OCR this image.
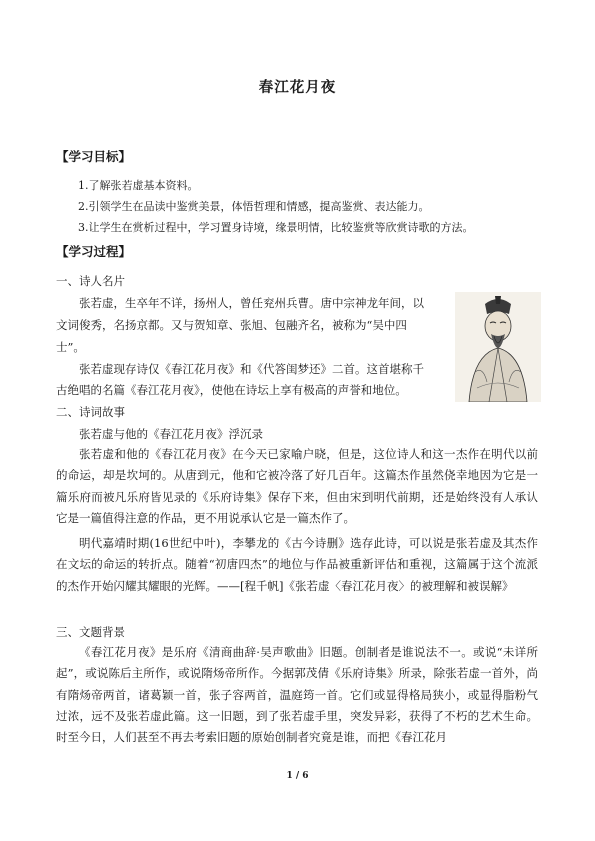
春江花月夜
【学习目标】
1.了解张若虚基本资料。
2.引领学生在品读中鉴赏美景，体悟哲理和情感，提高鉴赏、表达能力。
3.让学生在赏析过程中，学习置身诗境，缘景明情，比较鉴赏等欣赏诗歌的方法。
【学习过程】
一、诗人名片
张若虚，生卒年不详，扬州人，曾任兖州兵曹。唐中宗神龙年间，以
文词俊秀，名扬京都。又与贺知章、张旭、包融齐名，被称为“吴中四
士”。
张若虚现存诗仅《春江花月夜》和《代答闺梦还》二首。这首堪称千
古绝唱的名篇《春江花月夜》，使他在诗坛上享有极高的声誉和地位。
二、诗词故事
张若虚与他的《春江花月夜》浮沉录
张若虚和他的《春江花月夜》在今天已家喻户晓，但是，这位诗人和这一杰作在明代以前的命运，却是坎坷的。从唐到元，他和它被冷落了好几百年。这篇杰作虽然侥幸地因为它是一篇乐府而被凡乐府皆见录的《乐府诗集》保存下来，但由宋到明代前期，还是始终没有人承认它是一篇值得注意的作品，更不用说承认它是一篇杰作了。
明代嘉靖时期(16世纪中叶)，李攀龙的《古今诗删》选存此诗，可以说是张若虚及其杰作在文坛的命运的转折点。随着“初唐四杰”的地位与作品被重新评估和重视，这篇属于这个流派的杰作开始闪耀其耀眼的光辉。——[程千帆]《张若虚〈春江花月夜〉的被理解和被误解》
三、文题背景
《春江花月夜》是乐府《清商曲辞·吴声歌曲》旧题。创制者是谁说法不一。或说“未详所起”，或说陈后主所作，或说隋炀帝所作。今据郭茂倩《乐府诗集》所录，除张若虚一首外，尚有隋炀帝两首，诸葛颖一首，张子容两首，温庭筠一首。它们或显得格局狭小，或显得脂粉气过浓，远不及张若虚此篇。这一旧题，到了张若虚手里，突发异彩，获得了不朽的艺术生命。时至今日，人们甚至不再去考索旧题的原始创制者究竟是谁，而把《春江花月
1 / 6
